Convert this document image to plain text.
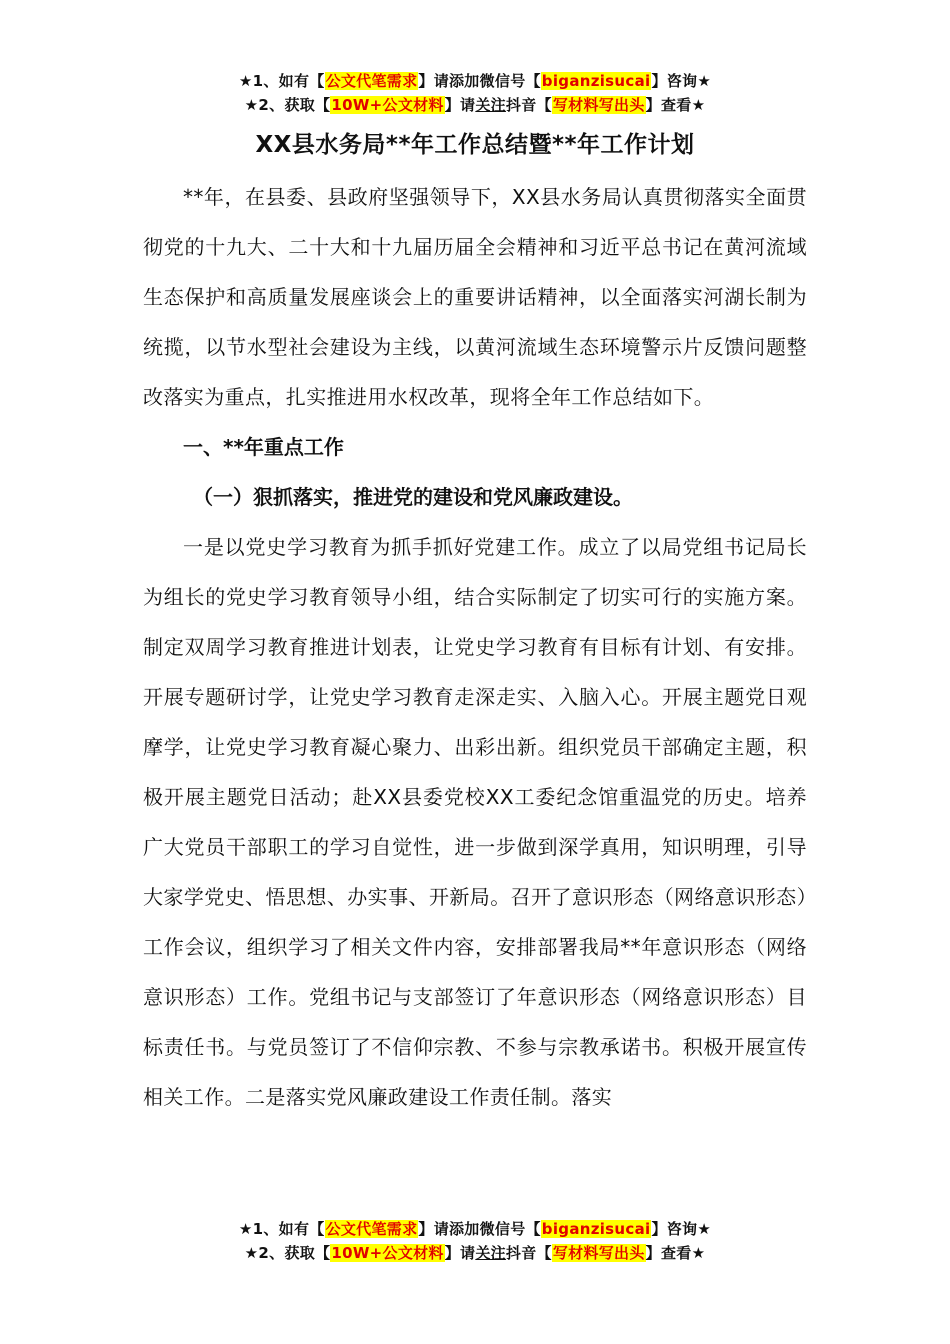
★1、如有【公文代笔需求】请添加微信号【biganzisucai】咨询★
★2、获取【10W+公文材料】请关注抖音【写材料写出头】查看★
XX县水务局**年工作总结暨**年工作计划

**年，在县委、县政府坚强领导下，XX县水务局认真贯彻落实全面贯彻党的十九大、二十大和十九届历届全会精神和习近平总书记在黄河流域生态保护和高质量发展座谈会上的重要讲话精神，以全面落实河湖长制为统揽，以节水型社会建设为主线，以黄河流域生态环境警示片反馈问题整改落实为重点，扎实推进用水权改革，现将全年工作总结如下。

一、**年重点工作

（一）狠抓落实，推进党的建设和党风廉政建设。

一是以党史学习教育为抓手抓好党建工作。成立了以局党组书记局长为组长的党史学习教育领导小组，结合实际制定了切实可行的实施方案。制定双周学习教育推进计划表，让党史学习教育有目标有计划、有安排。开展专题研讨学，让党史学习教育走深走实、入脑入心。开展主题党日观摩学，让党史学习教育凝心聚力、出彩出新。组织党员干部确定主题，积极开展主题党日活动；赴XX县委党校XX工委纪念馆重温党的历史。培养广大党员干部职工的学习自觉性，进一步做到深学真用，知识明理，引导大家学党史、悟思想、办实事、开新局。召开了意识形态（网络意识形态）工作会议，组织学习了相关文件内容，安排部署我局**年意识形态（网络意识形态）工作。党组书记与支部签订了年意识形态（网络意识形态）目标责任书。与党员签订了不信仰宗教、不参与宗教承诺书。积极开展宣传相关工作。二是落实党风廉政建设工作责任制。落实

★1、如有【公文代笔需求】请添加微信号【biganzisucai】咨询★
★2、获取【10W+公文材料】请关注抖音【写材料写出头】查看★
